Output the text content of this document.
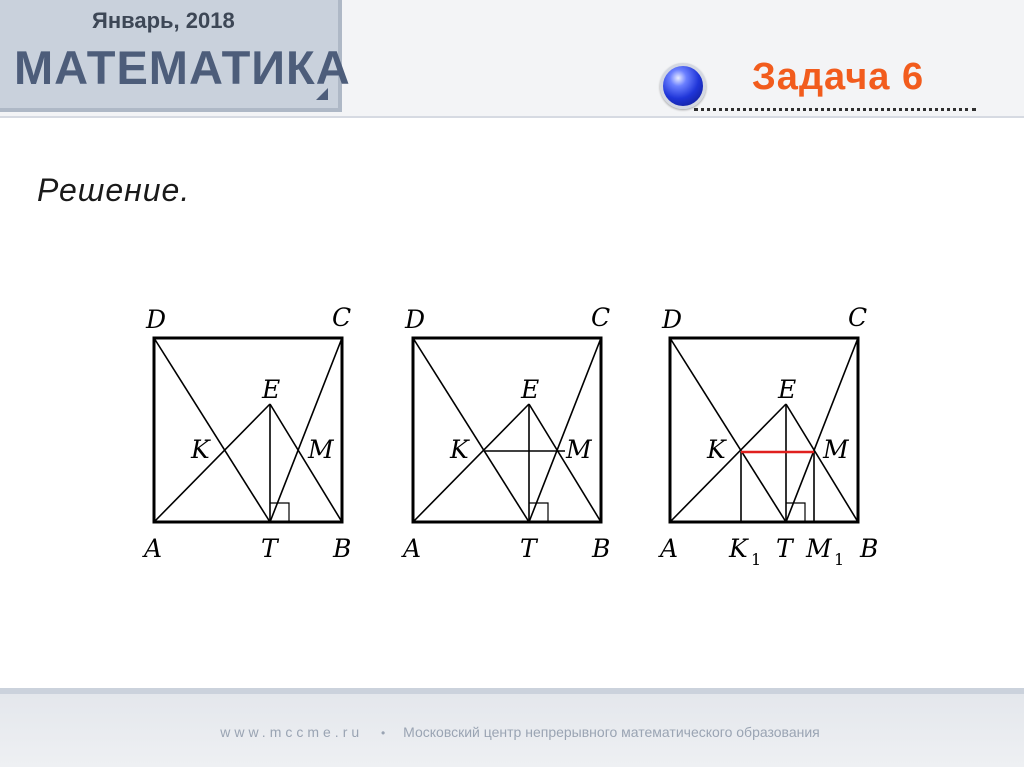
Январь, 2018
МАТЕМАТИКА	Задача 6
Решение.
D	C
E
K	M
A	T B
D	C
E
K	M
A	T B
D	C
E
K	M
A K 1 T M 1 B
www.mccme.ru • Московский центр непрерывного математического образования
